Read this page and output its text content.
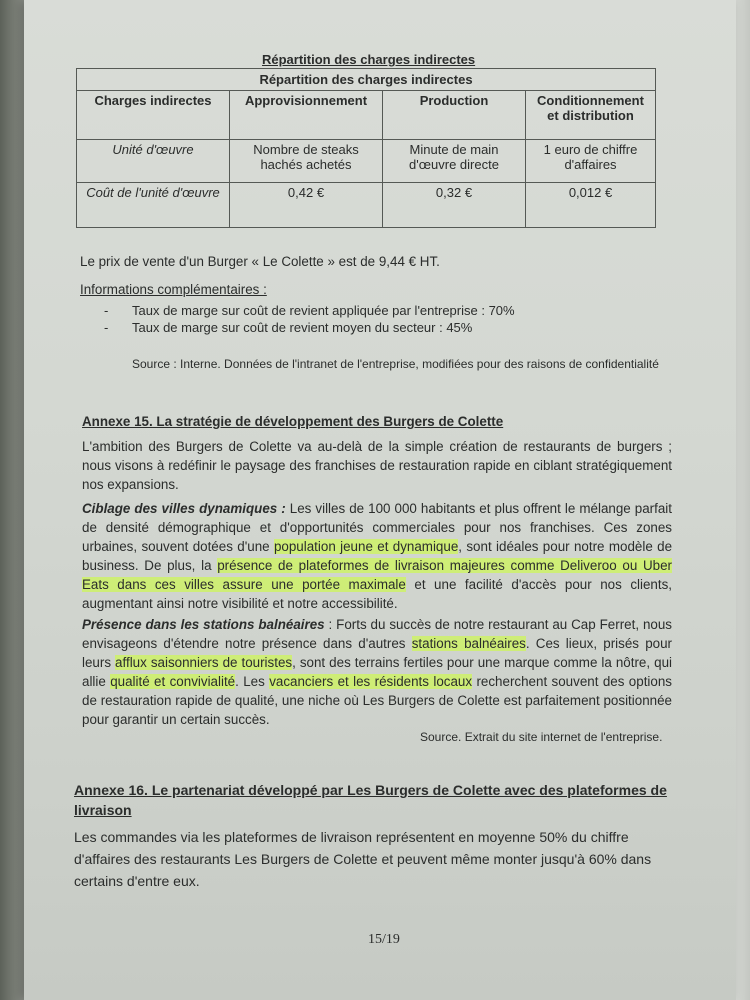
Répartition des charges indirectes
Répartition des charges indirectes			
Charges indirectes	Approvisionnement	Production	Conditionnement et distribution
Unité d'œuvre	Nombre de steaks hachés achetés	Minute de main d'œuvre directe	1 euro de chiffre d'affaires
Coût de l'unité d'œuvre	0,42 €	0,32 €	0,012 €
Le prix de vente d'un Burger « Le Colette » est de 9,44 € HT.
Informations complémentaires :
- Taux de marge sur coût de revient appliquée par l'entreprise : 70%
- Taux de marge sur coût de revient moyen du secteur : 45%
Source : Interne. Données de l'intranet de l'entreprise, modifiées pour des raisons de confidentialité
Annexe 15. La stratégie de développement des Burgers de Colette
L'ambition des Burgers de Colette va au-delà de la simple création de restaurants de burgers ; nous visons à redéfinir le paysage des franchises de restauration rapide en ciblant stratégiquement nos expansions.
Ciblage des villes dynamiques : Les villes de 100 000 habitants et plus offrent le mélange parfait de densité démographique et d'opportunités commerciales pour nos franchises. Ces zones urbaines, souvent dotées d'une population jeune et dynamique, sont idéales pour notre modèle de business. De plus, la présence de plateformes de livraison majeures comme Deliveroo ou Uber Eats dans ces villes assure une portée maximale et une facilité d'accès pour nos clients, augmentant ainsi notre visibilité et notre accessibilité.
Présence dans les stations balnéaires : Forts du succès de notre restaurant au Cap Ferret, nous envisageons d'étendre notre présence dans d'autres stations balnéaires. Ces lieux, prisés pour leurs afflux saisonniers de touristes, sont des terrains fertiles pour une marque comme la nôtre, qui allie qualité et convivialité. Les vacanciers et les résidents locaux recherchent souvent des options de restauration rapide de qualité, une niche où Les Burgers de Colette est parfaitement positionnée pour garantir un certain succès.
Source. Extrait du site internet de l'entreprise.
Annexe 16. Le partenariat développé par Les Burgers de Colette avec des plateformes de livraison
Les commandes via les plateformes de livraison représentent en moyenne 50% du chiffre d'affaires des restaurants Les Burgers de Colette et peuvent même monter jusqu'à 60% dans certains d'entre eux.
15/19
